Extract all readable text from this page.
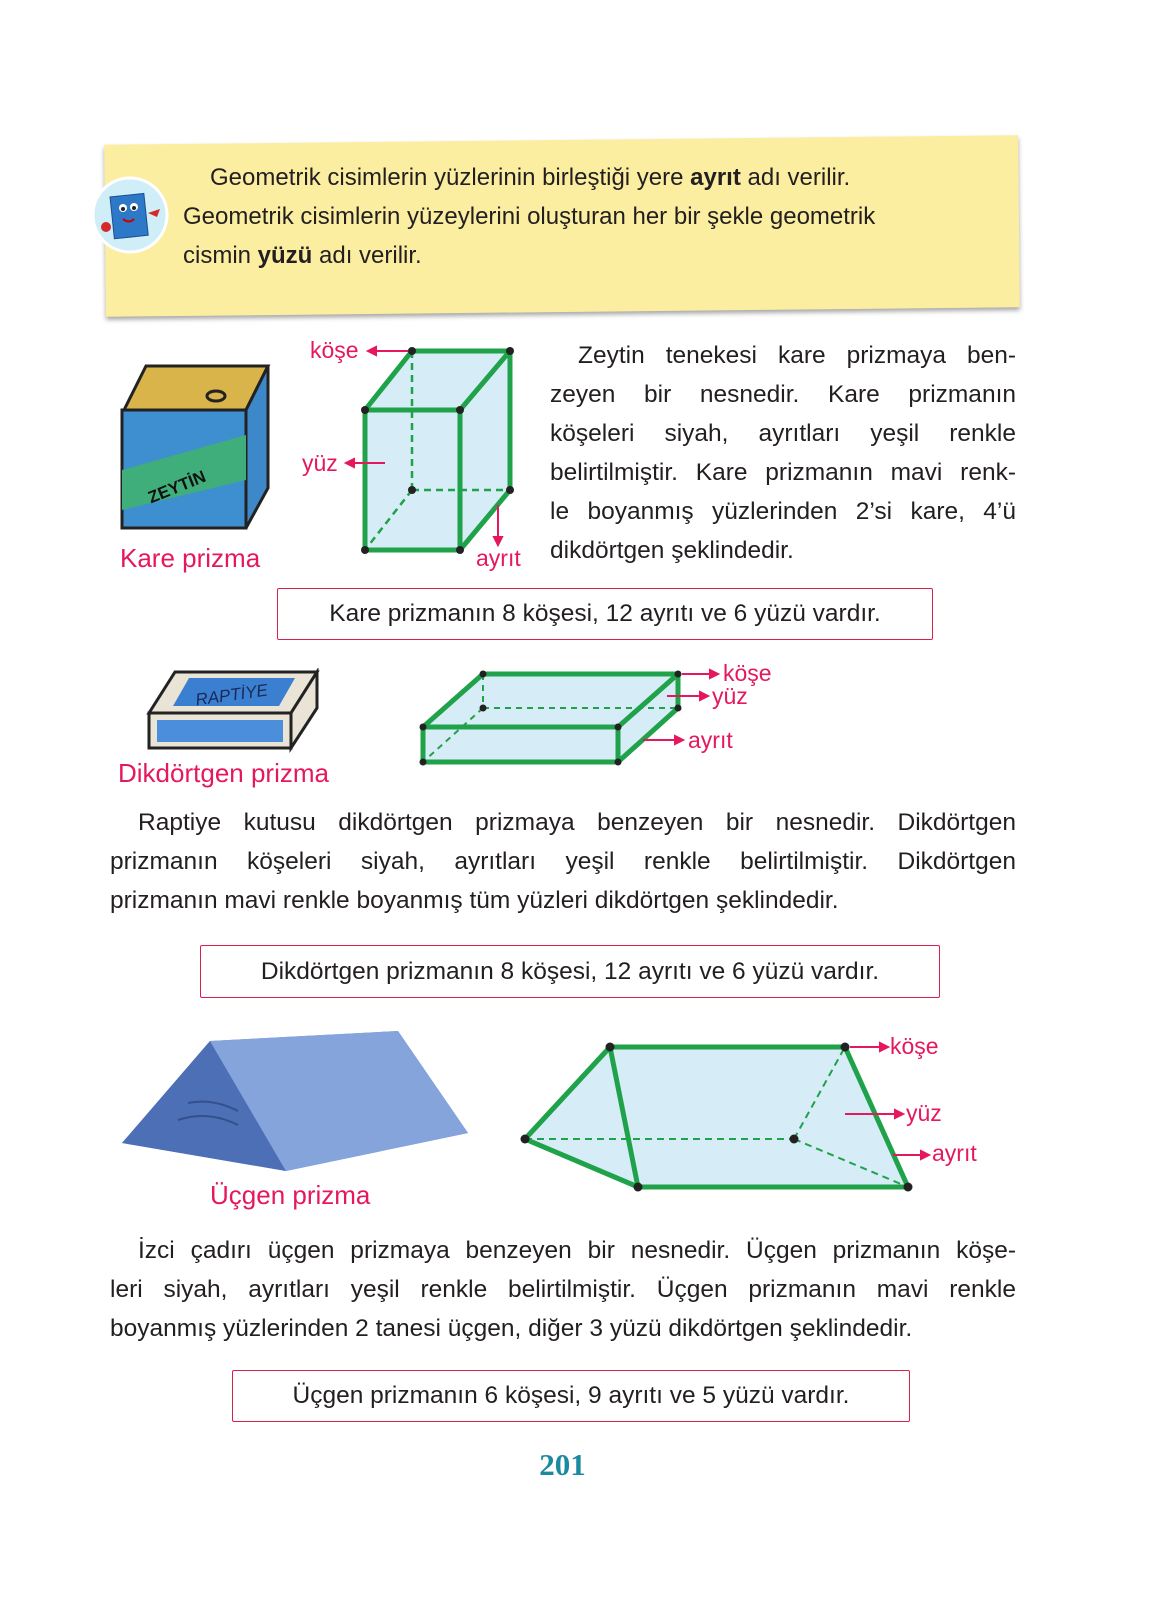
Geometrik cisimlerin yüzlerinin birleştiği yere ayrıt adı verilir.
Geometrik cisimlerin yüzeylerini oluşturan her bir şekle geometrik
cismin yüzü adı verilir.
ZEYTİN
Kare prizma
köşe
yüz
ayrıt
Zeytin tenekesi kare prizmaya ben-
zeyen bir nesnedir. Kare prizmanın
köşeleri siyah, ayrıtları yeşil renkle
belirtilmiştir. Kare prizmanın mavi renk-
le boyanmış yüzlerinden 2’si kare, 4’ü
dikdörtgen şeklindedir.
Kare prizmanın 8 köşesi, 12 ayrıtı ve 6 yüzü vardır.
RAPTİYE
Dikdörtgen prizma
köşe
yüz
ayrıt
Raptiye kutusu dikdörtgen prizmaya benzeyen bir nesnedir. Dikdörtgen
prizmanın köşeleri siyah, ayrıtları yeşil renkle belirtilmiştir. Dikdörtgen
prizmanın mavi renkle boyanmış tüm yüzleri dikdörtgen şeklindedir.
Dikdörtgen prizmanın 8 köşesi, 12 ayrıtı ve 6 yüzü vardır.
Üçgen prizma
köşe
yüz
ayrıt
İzci çadırı üçgen prizmaya benzeyen bir nesnedir. Üçgen prizmanın köşe-
leri siyah, ayrıtları yeşil renkle belirtilmiştir. Üçgen prizmanın mavi renkle
boyanmış yüzlerinden 2 tanesi üçgen, diğer 3 yüzü dikdörtgen şeklindedir.
Üçgen prizmanın 6 köşesi, 9 ayrıtı ve 5 yüzü vardır.
201
